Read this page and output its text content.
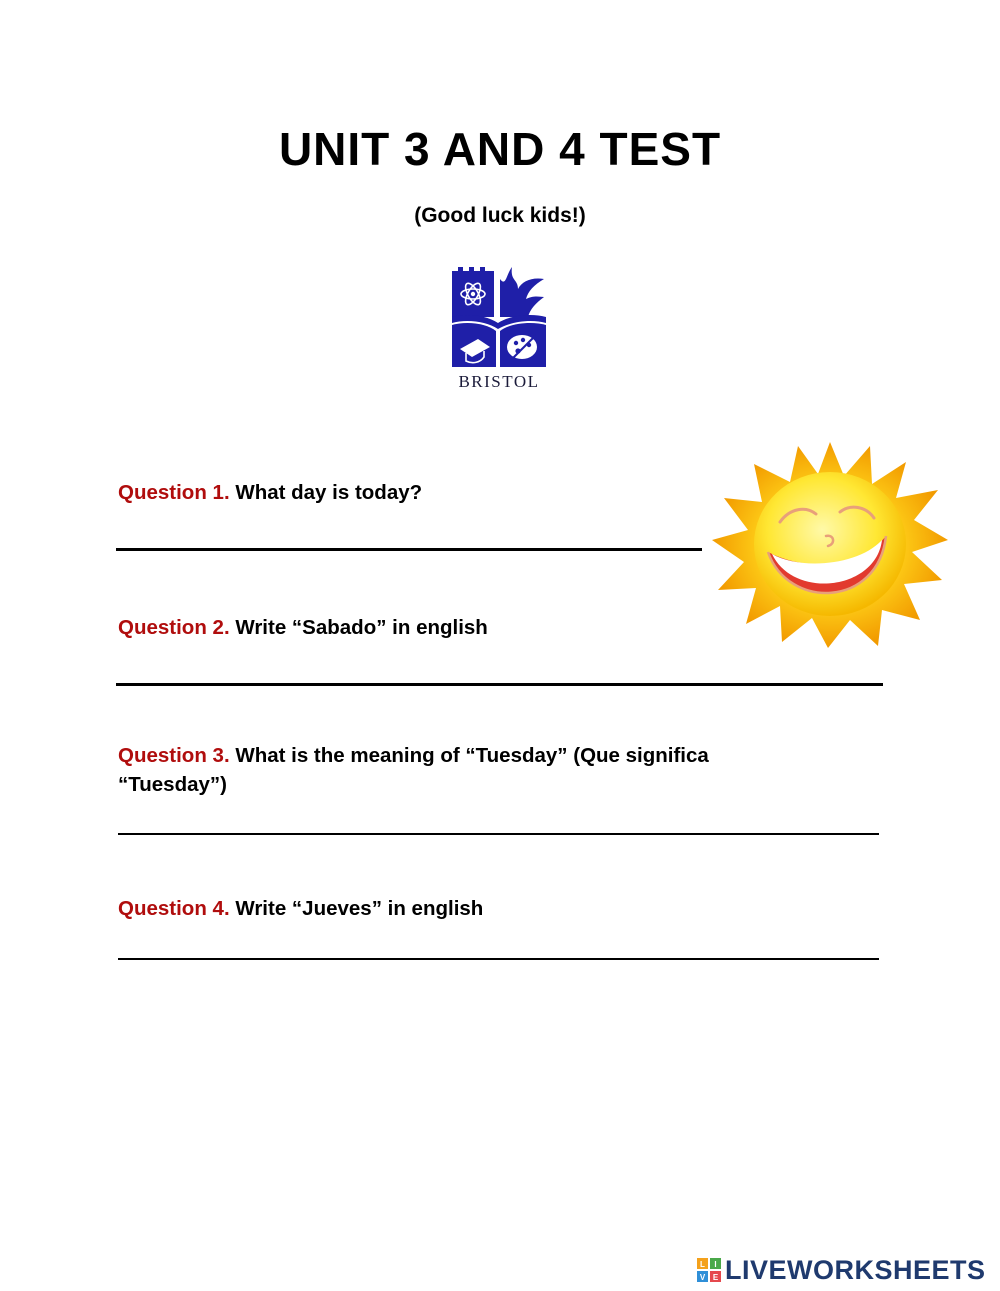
UNIT 3 AND 4 TEST
(Good luck kids!)
BRISTOL
Question 1. What day is today?
Question 2. Write “Sabado” in english
Question 3. What is the meaning of “Tuesday” (Que significa
“Tuesday”)
Question 4. Write “Jueves” in english
L I
V E LIVEWORKSHEETS
